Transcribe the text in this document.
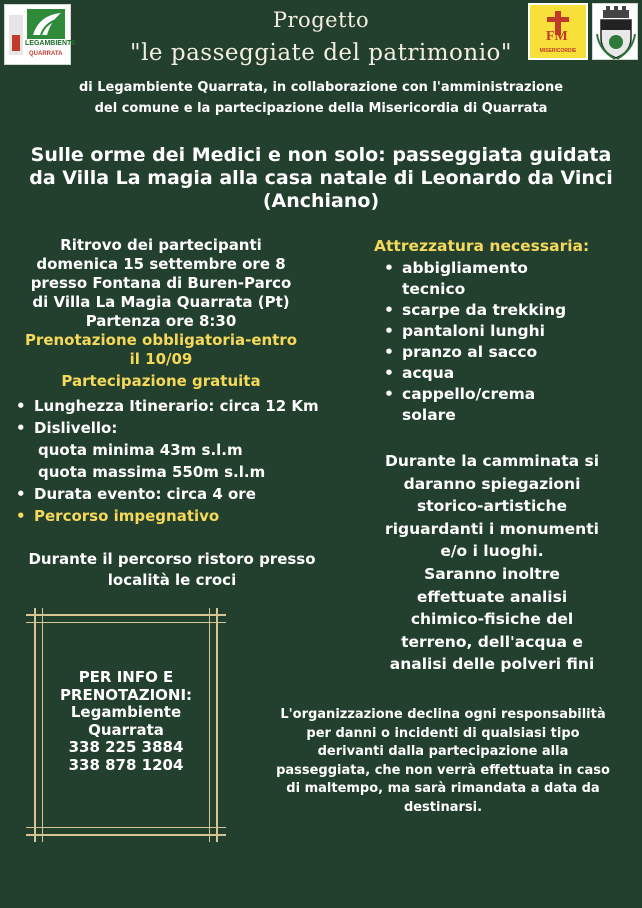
LEGAMBIENTE
QUARRATA
FM
MISERICORDIE
Progetto
"le passeggiate del patrimonio"
di Legambiente Quarrata, in collaborazione con l'amministrazione
del comune e la partecipazione della Misericordia di Quarrata
Sulle orme dei Medici e non solo: passeggiata guidata
da Villa La magia alla casa natale di Leonardo da Vinci
(Anchiano)
Ritrovo dei partecipanti
domenica 15 settembre ore 8
presso Fontana di Buren-Parco
di Villa La Magia Quarrata (Pt)
Partenza ore 8:30
Prenotazione obbligatoria-entro
il 10/09
Partecipazione gratuita
• Lunghezza Itinerario: circa 12 Km
• Dislivello:
quota minima 43m s.l.m
quota massima 550m s.l.m
• Durata evento: circa 4 ore
• Percorso impegnativo
Durante il percorso ristoro presso
località le croci
PER INFO E
PRENOTAZIONI:
Legambiente
Quarrata
338 225 3884
338 878 1204
Attrezzatura necessaria:
• abbigliamento
tecnico
• scarpe da trekking
• pantaloni lunghi
• pranzo al sacco
• acqua
• cappello/crema
solare
Durante la camminata si
daranno spiegazioni
storico-artistiche
riguardanti i monumenti
e/o i luoghi.
Saranno inoltre
effettuate analisi
chimico-fisiche del
terreno, dell'acqua e
analisi delle polveri fini
L'organizzazione declina ogni responsabilità
per danni o incidenti di qualsiasi tipo
derivanti dalla partecipazione alla
passeggiata, che non verrà effettuata in caso
di maltempo, ma sarà rimandata a data da
destinarsi.
